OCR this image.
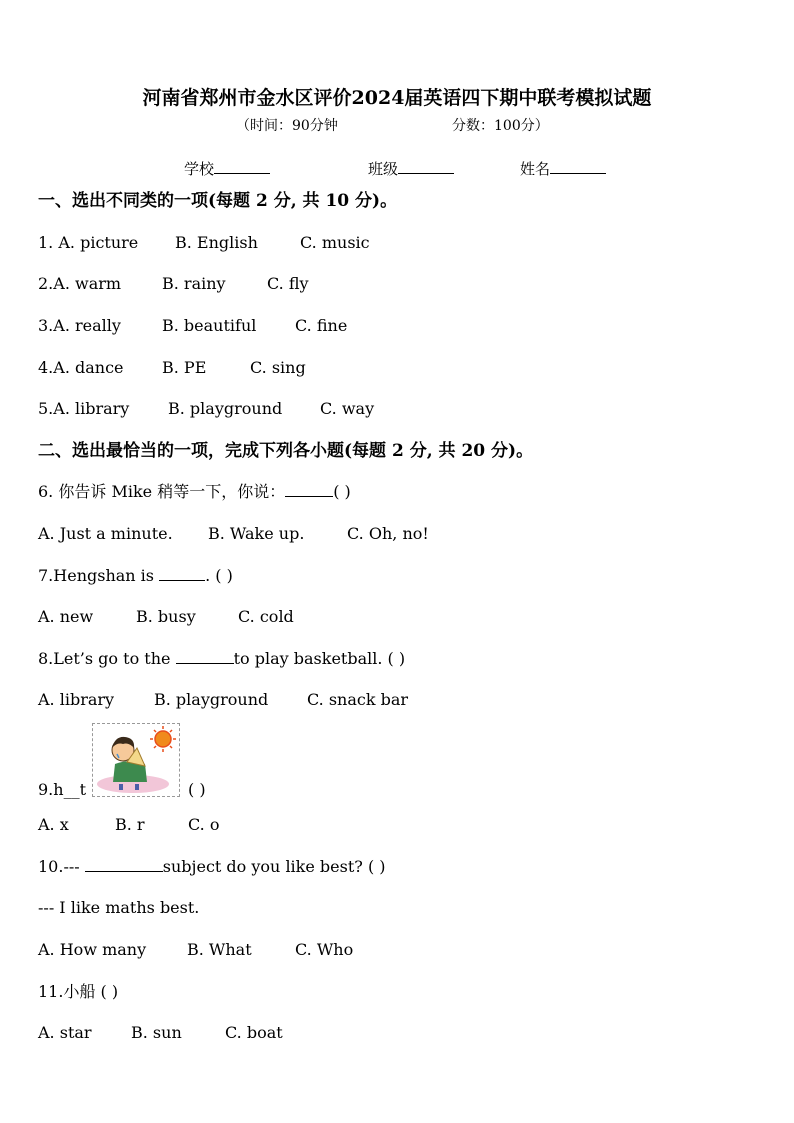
河南省郑州市金水区评价2024届英语四下期中联考模拟试题
（时间：90分钟	分数：100分）
学校	班级	姓名
一、选出不同类的一项(每题 2 分, 共 10 分)。
1. A. picture B. English	C. music
2.A. warm	B. rainy	C. fly
3.A. really	B. beautiful C. fine
4.A. dance B. PE	C. sing
5.A. library B. playground C. way
二、选出最恰当的一项，完成下列各小题(每题 2 分, 共 20 分)。
6. 你告诉 Mike 稍等一下，你说：	( )
A. Just a minute. B. Wake up.	C. Oh, no!
7.Hengshan is	. ( )
A. new	B. busy	C. cold
8.Let’s go to the	to play basketball. ( )
A. library B. playground C. snack bar
9.h__t	( )
A. x	B. r	C. o
10.---	subject do you like best? ( )
--- I like maths best.
A. How many	B. What	C. Who
11.小船 ( )
A. star B. sun	C. boat
